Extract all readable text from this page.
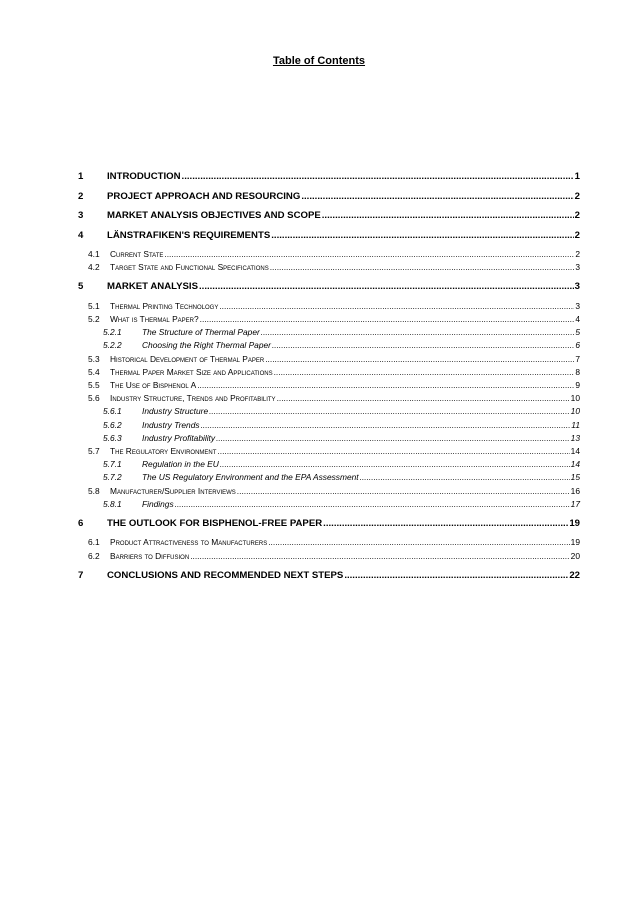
Table of Contents
1	INTRODUCTION .....	1
2	PROJECT APPROACH AND RESOURCING .....	2
3	MARKET ANALYSIS OBJECTIVES AND SCOPE .....	2
4	LÄNSTRAFIKEN'S REQUIREMENTS .....	2
4.1	Current State .....	2
4.2	Target State and Functional Specifications .....	3
5	MARKET ANALYSIS .....	3
5.1	Thermal Printing Technology .....	3
5.2	What is Thermal Paper? .....	4
5.2.1	The Structure of Thermal Paper .....	5
5.2.2	Choosing the Right Thermal Paper .....	6
5.3	Historical Development of Thermal Paper .....	7
5.4	Thermal Paper Market Size and Applications .....	8
5.5	The Use of Bisphenol A .....	9
5.6	Industry Structure, Trends and Profitability .....	10
5.6.1	Industry Structure .....	10
5.6.2	Industry Trends .....	11
5.6.3	Industry Profitability .....	13
5.7	The Regulatory Environment .....	14
5.7.1	Regulation in the EU .....	14
5.7.2	The US Regulatory Environment and the EPA Assessment .....	15
5.8	Manufacturer/Supplier Interviews .....	16
5.8.1	Findings .....	17
6	THE OUTLOOK FOR BISPHENOL-FREE PAPER .....	19
6.1	Product Attractiveness to Manufacturers .....	19
6.2	Barriers to Diffusion .....	20
7	CONCLUSIONS AND RECOMMENDED NEXT STEPS .....	22
